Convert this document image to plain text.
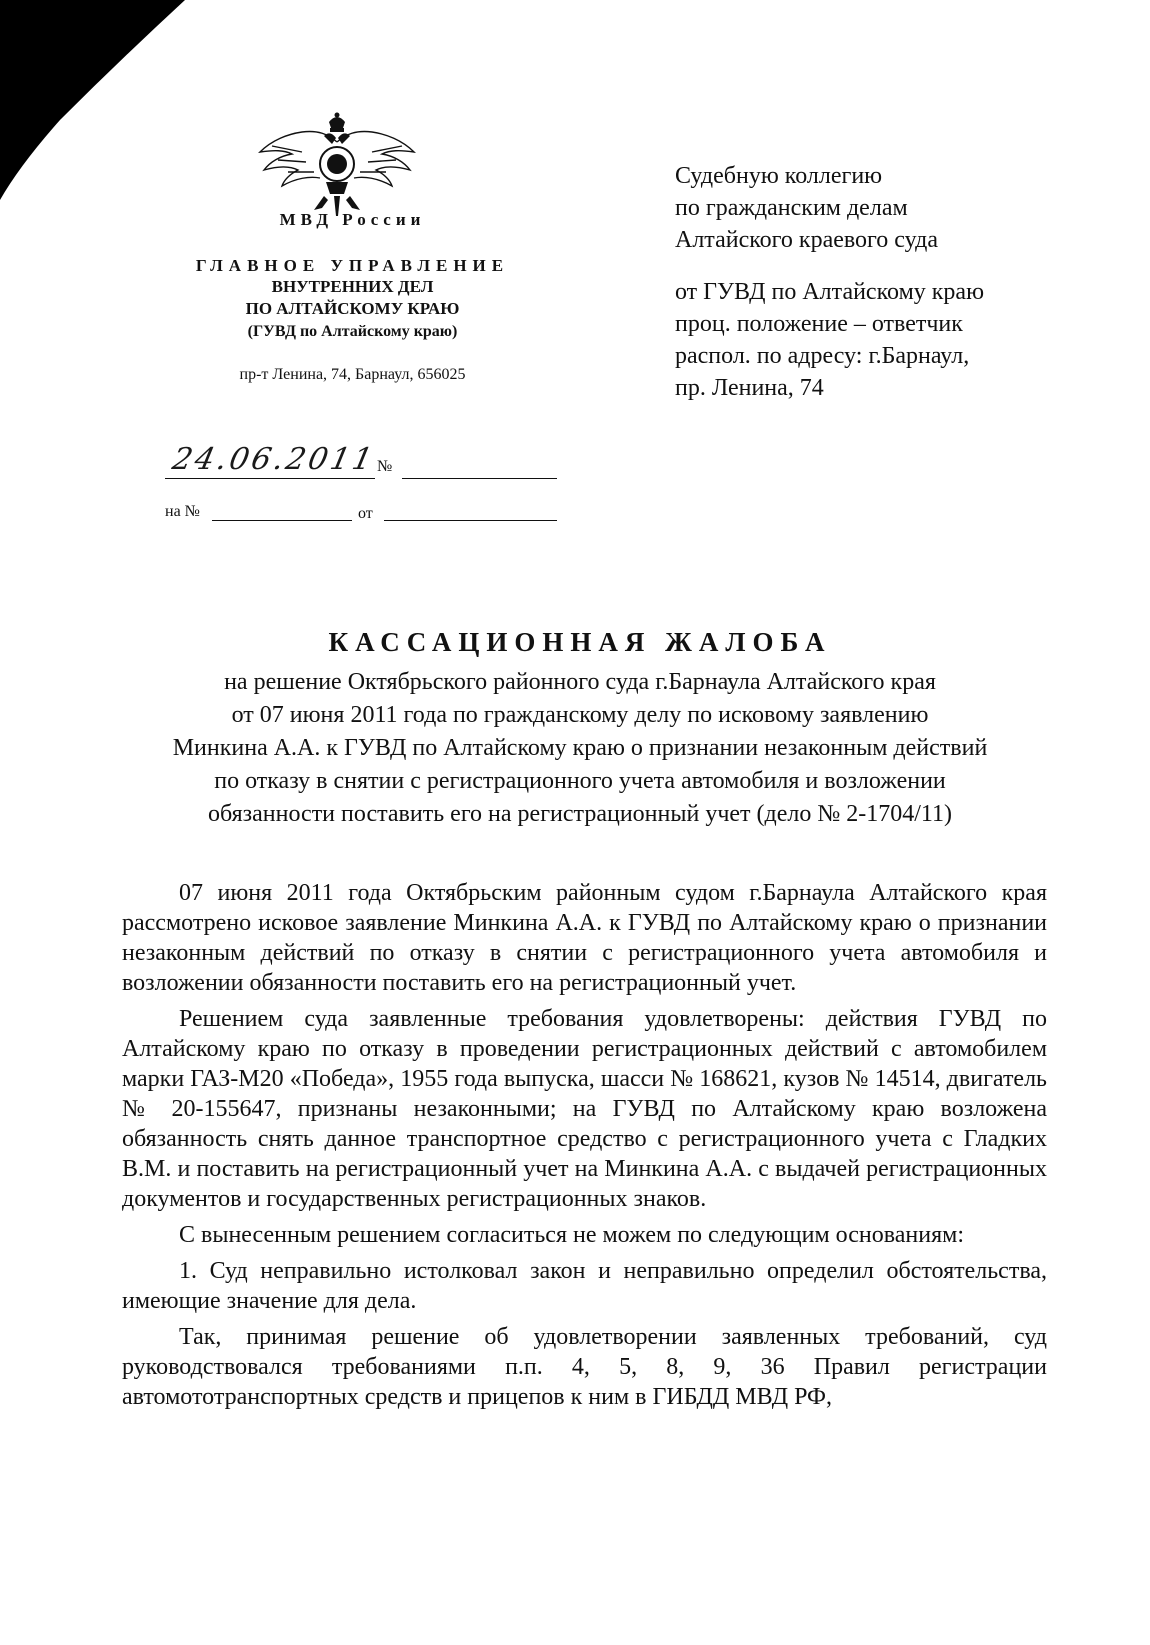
МВД России
ГЛАВНОЕ УПРАВЛЕНИЕ
ВНУТРЕННИХ ДЕЛ
ПО АЛТАЙСКОМУ КРАЮ
(ГУВД по Алтайскому краю)
пр-т Ленина, 74, Барнаул, 656025
Судебную коллегию
по гражданским делам
Алтайского краевого суда
от ГУВД по Алтайскому краю
проц. положение – ответчик
распол. по адресу: г.Барнаул,
пр. Ленина, 74
24.06.2011
№
на №	от
КАССАЦИОННАЯ ЖАЛОБА
на решение Октябрьского районного суда г.Барнаула Алтайского края
от 07 июня 2011 года по гражданскому делу по исковому заявлению
Минкина А.А. к ГУВД по Алтайскому краю о признании незаконным действий
по отказу в снятии с регистрационного учета автомобиля и возложении
обязанности поставить его на регистрационный учет (дело № 2-1704/11)

07 июня 2011 года Октябрьским районным судом г.Барнаула Алтайского края рассмотрено исковое заявление Минкина А.А. к ГУВД по Алтайскому краю о признании незаконным действий по отказу в снятии с регистрационного учета автомобиля и возложении обязанности поставить его на регистрационный учет.

Решением суда заявленные требования удовлетворены: действия ГУВД по Алтайскому краю по отказу в проведении регистрационных действий с автомобилем марки ГАЗ-М20 «Победа», 1955 года выпуска, шасси № 168621, кузов № 14514, двигатель № 20-155647, признаны незаконными; на ГУВД по Алтайскому краю возложена обязанность снять данное транспортное средство с регистрационного учета с Гладких В.М. и поставить на регистрационный учет на Минкина А.А. с выдачей регистрационных документов и государственных регистрационных знаков.

С вынесенным решением согласиться не можем по следующим основаниям:

1. Суд неправильно истолковал закон и неправильно определил обстоятельства, имеющие значение для дела.

Так, принимая решение об удовлетворении заявленных требований, суд руководствовался требованиями п.п. 4, 5, 8, 9, 36 Правил регистрации автомототранспортных средств и прицепов к ним в ГИБДД МВД РФ,
